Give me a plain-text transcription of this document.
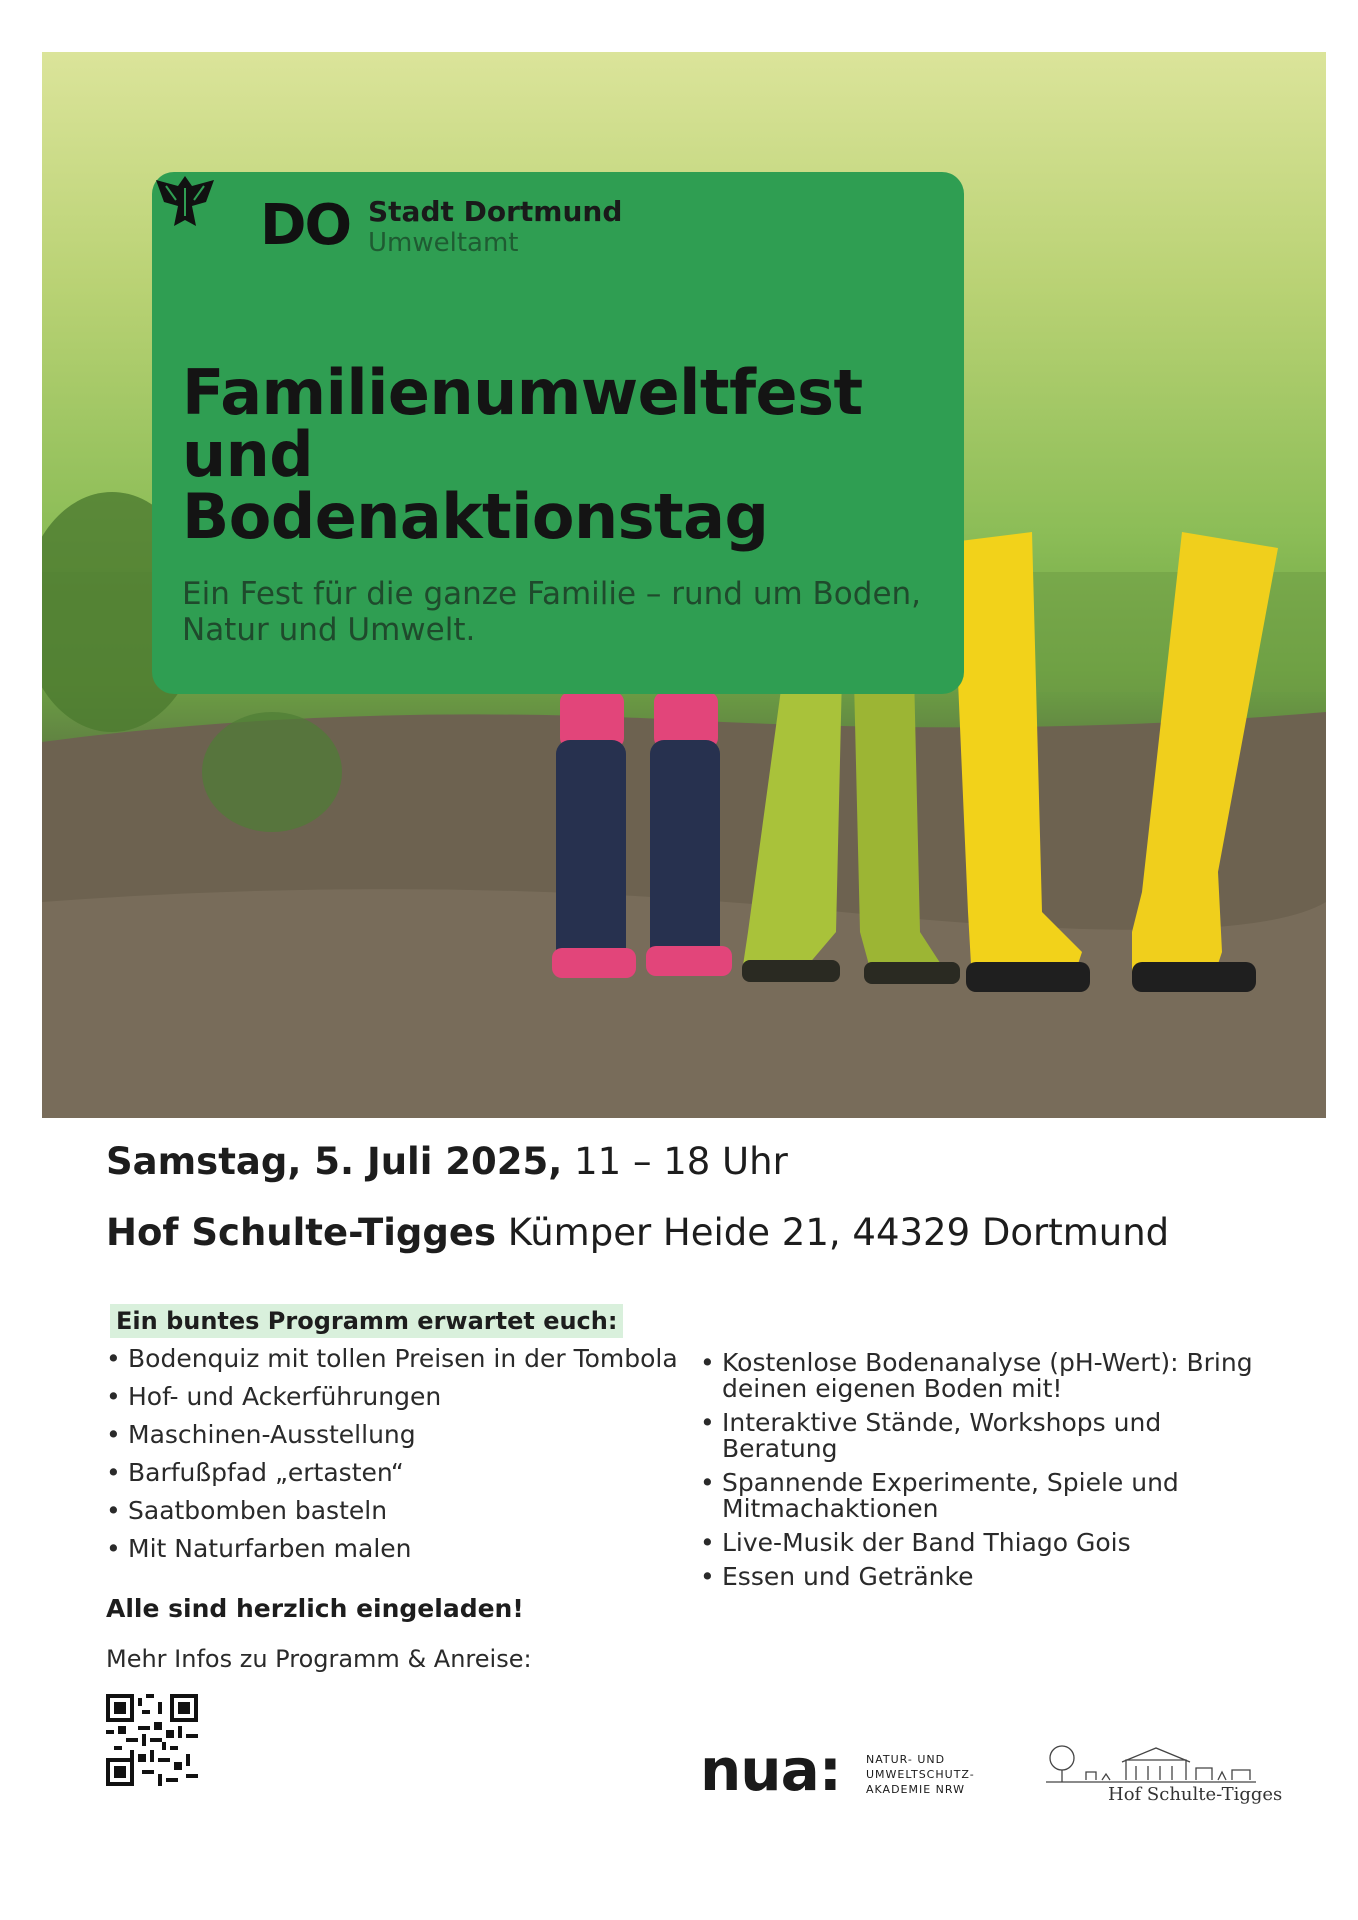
DO Stadt Dortmund
Umweltamt
Familienumweltfest
und
Bodenaktionstag
Ein Fest für die ganze Familie – rund um Boden, Natur und Umwelt.
Samstag, 5. Juli 2025, 11 – 18 Uhr
Hof Schulte-Tigges Kümper Heide 21, 44329 Dortmund
Ein buntes Programm erwartet euch:
• Bodenquiz mit tollen Preisen in der Tombola
• Hof- und Ackerführungen
• Maschinen-Ausstellung
• Barfußpfad „ertasten“
• Saatbomben basteln
• Mit Naturfarben malen
• Kostenlose Bodenanalyse (pH-Wert): Bring deinen eigenen Boden mit!
• Interaktive Stände, Workshops und Beratung
• Spannende Experimente, Spiele und Mitmachaktionen
• Live-Musik der Band Thiago Gois
• Essen und Getränke
Alle sind herzlich eingeladen!
Mehr Infos zu Programm & Anreise:
nua: NATUR- UND
UMWELTSCHUTZ-
AKADEMIE NRW	Hof Schulte-Tigges
